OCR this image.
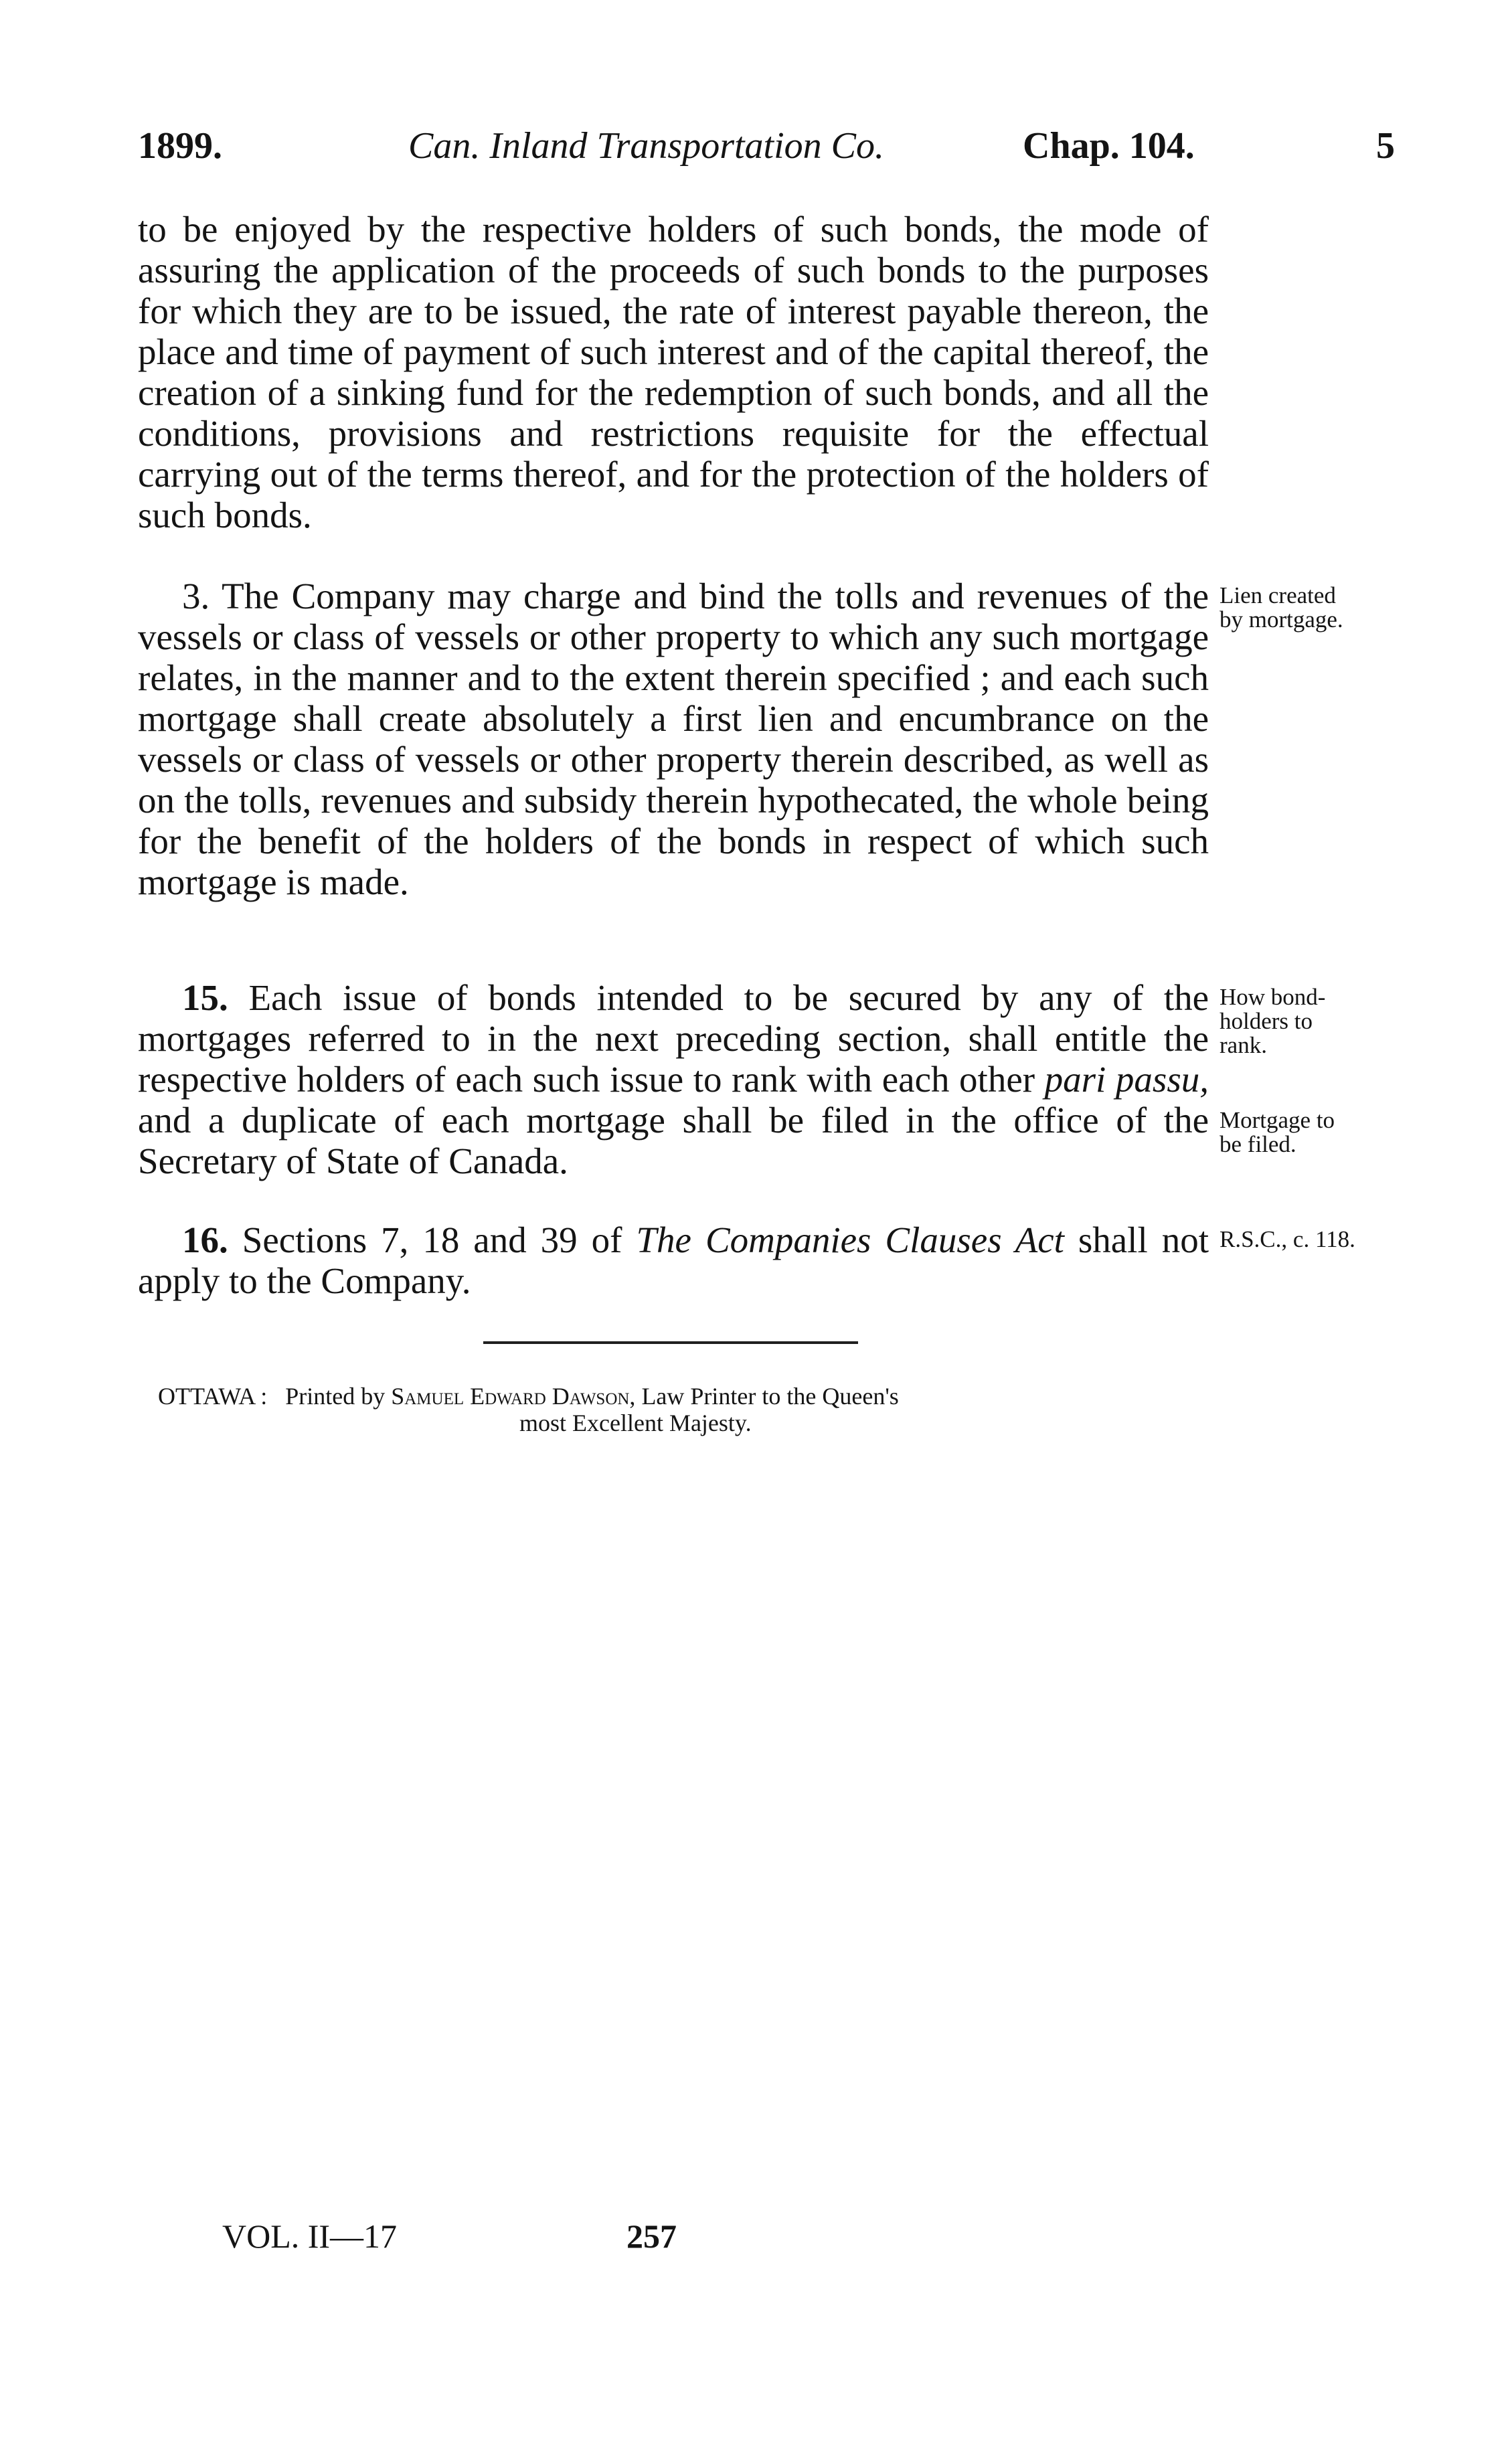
1899.	Can. Inland Transportation Co.	Chap. 104.	5
to be enjoyed by the respective holders of such bonds, the mode of assuring the application of the proceeds of such bonds to the purposes for which they are to be issued, the rate of interest payable thereon, the place and time of payment of such interest and of the capital thereof, the creation of a sinking fund for the redemption of such bonds, and all the conditions, provisions and restrictions requisite for the effectual carrying out of the terms thereof, and for the protection of the holders of such bonds.
3. The Company may charge and bind the tolls and revenues of the vessels or class of vessels or other property to which any such mortgage relates, in the manner and to the extent therein specified ; and each such mortgage shall create absolutely a first lien and encumbrance on the vessels or class of vessels or other property therein described, as well as on the tolls, revenues and subsidy therein hypothecated, the whole being for the benefit of the holders of the bonds in respect of which such mortgage is made.
15. Each issue of bonds intended to be secured by any of the mortgages referred to in the next preceding section, shall entitle the respective holders of each such issue to rank with each other pari passu, and a duplicate of each mortgage shall be filed in the office of the Secretary of State of Canada.
16. Sections 7, 18 and 39 of The Companies Clauses Act shall not apply to the Company.
Lien created
by mortgage.
How bond-
holders to
rank.
Mortgage to
be filed.
R.S.C., c. 118.
OTTAWA : Printed by Samuel Edward Dawson, Law Printer to the Queen's
most Excellent Majesty.
VOL. II—17	257
